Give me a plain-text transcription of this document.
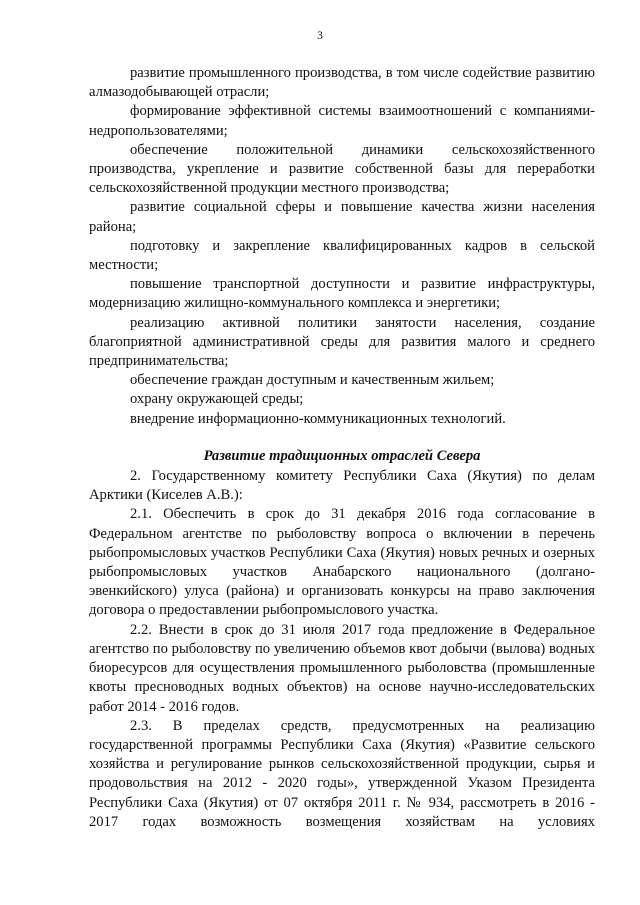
3

развитие промышленного производства, в том числе содействие развитию алмазодобывающей отрасли;

формирование эффективной системы взаимоотношений с компаниями-недропользователями;

обеспечение положительной динамики сельскохозяйственного производства, укрепление и развитие собственной базы для переработки сельскохозяйственной продукции местного производства;

развитие социальной сферы и повышение качества жизни населения района;

подготовку и закрепление квалифицированных кадров в сельской местности;

повышение транспортной доступности и развитие инфраструктуры, модернизацию жилищно-коммунального комплекса и энергетики;

реализацию активной политики занятости населения, создание благоприятной административной среды для развития малого и среднего предпринимательства;

обеспечение граждан доступным и качественным жильем;

охрану окружающей среды;

внедрение информационно-коммуникационных технологий.

Развитие традиционных отраслей Севера

2. Государственному комитету Республики Саха (Якутия) по делам Арктики (Киселев А.В.):

2.1. Обеспечить в срок до 31 декабря 2016 года согласование в Федеральном агентстве по рыболовству вопроса о включении в перечень рыбопромысловых участков Республики Саха (Якутия) новых речных и озерных рыбопромысловых участков Анабарского национального (долгано-эвенкийского) улуса (района) и организовать конкурсы на право заключения договора о предоставлении рыбопромыслового участка.

2.2. Внести в срок до 31 июля 2017 года предложение в Федеральное агентство по рыболовству по увеличению объемов квот добычи (вылова) водных биоресурсов для осуществления промышленного рыболовства (промышленные квоты пресноводных водных объектов) на основе научно-исследовательских работ 2014 - 2016 годов.

2.3. В пределах средств, предусмотренных на реализацию государственной программы Республики Саха (Якутия) «Развитие сельского хозяйства и регулирование рынков сельскохозяйственной продукции, сырья и продовольствия на 2012 - 2020 годы», утвержденной Указом Президента Республики Саха (Якутия) от 07 октября 2011 г. № 934, рассмотреть в 2016 - 2017 годах возможность возмещения хозяйствам на условиях
